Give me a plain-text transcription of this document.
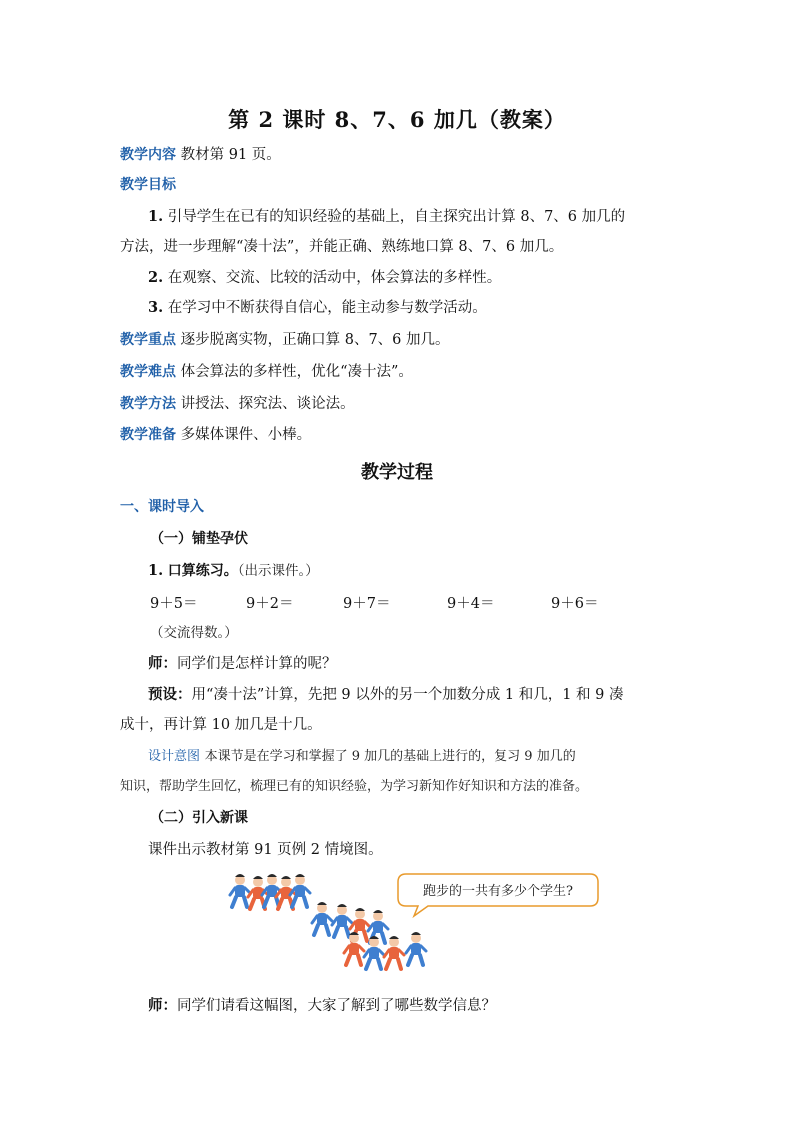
第 2 课时 8、7、6 加几（教案）
教学内容 教材第 91 页。
教学目标
1. 引导学生在已有的知识经验的基础上，自主探究出计算 8、7、6 加几的
方法，进一步理解“凑十法”，并能正确、熟练地口算 8、7、6 加几。
2. 在观察、交流、比较的活动中，体会算法的多样性。
3. 在学习中不断获得自信心，能主动参与数学活动。
教学重点 逐步脱离实物，正确口算 8、7、6 加几。
教学难点 体会算法的多样性，优化“凑十法”。
教学方法 讲授法、探究法、谈论法。
教学准备 多媒体课件、小棒。
教学过程
一、课时导入
（一）铺垫孕伏
1. 口算练习。（出示课件。）
9＋5＝	9＋2＝	9＋7＝	9＋4＝	9＋6＝
（交流得数。）
师：同学们是怎样计算的呢？
预设：用“凑十法”计算，先把 9 以外的另一个加数分成 1 和几，1 和 9 凑
成十，再计算 10 加几是十几。
设计意图 本课节是在学习和掌握了 9 加几的基础上进行的，复习 9 加几的
知识，帮助学生回忆，梳理已有的知识经验，为学习新知作好知识和方法的准备。
（二）引入新课
课件出示教材第 91 页例 2 情境图。
跑步的一共有多少个学生?
师：同学们请看这幅图，大家了解到了哪些数学信息？
